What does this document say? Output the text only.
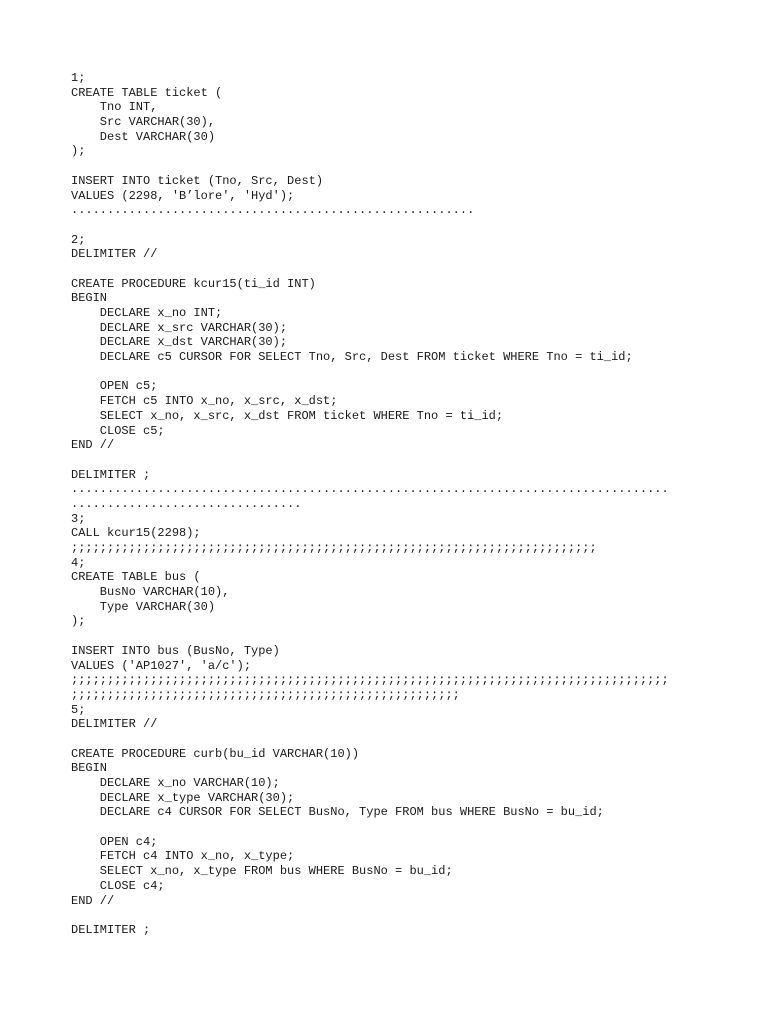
1;
CREATE TABLE ticket (
Tno INT,
Src VARCHAR(30),
Dest VARCHAR(30)
);
INSERT INTO ticket (Tno, Src, Dest)
VALUES (2298, 'B’lore', 'Hyd');
........................................................
2;
DELIMITER //
CREATE PROCEDURE kcur15(ti_id INT)
BEGIN
DECLARE x_no INT;
DECLARE x_src VARCHAR(30);
DECLARE x_dst VARCHAR(30);
DECLARE c5 CURSOR FOR SELECT Tno, Src, Dest FROM ticket WHERE Tno = ti_id;
OPEN c5;
FETCH c5 INTO x_no, x_src, x_dst;
SELECT x_no, x_src, x_dst FROM ticket WHERE Tno = ti_id;
CLOSE c5;
END //
DELIMITER ;
...................................................................................
................................
3;
CALL kcur15(2298);
;;;;;;;;;;;;;;;;;;;;;;;;;;;;;;;;;;;;;;;;;;;;;;;;;;;;;;;;;;;;;;;;;;;;;;;;;
4;
CREATE TABLE bus (
BusNo VARCHAR(10),
Type VARCHAR(30)
);
INSERT INTO bus (BusNo, Type)
VALUES ('AP1027', 'a/c');
;;;;;;;;;;;;;;;;;;;;;;;;;;;;;;;;;;;;;;;;;;;;;;;;;;;;;;;;;;;;;;;;;;;;;;;;;;;;;;;;;;;
;;;;;;;;;;;;;;;;;;;;;;;;;;;;;;;;;;;;;;;;;;;;;;;;;;;;;;
5;
DELIMITER //
CREATE PROCEDURE curb(bu_id VARCHAR(10))
BEGIN
DECLARE x_no VARCHAR(10);
DECLARE x_type VARCHAR(30);
DECLARE c4 CURSOR FOR SELECT BusNo, Type FROM bus WHERE BusNo = bu_id;
OPEN c4;
FETCH c4 INTO x_no, x_type;
SELECT x_no, x_type FROM bus WHERE BusNo = bu_id;
CLOSE c4;
END //
DELIMITER ;
